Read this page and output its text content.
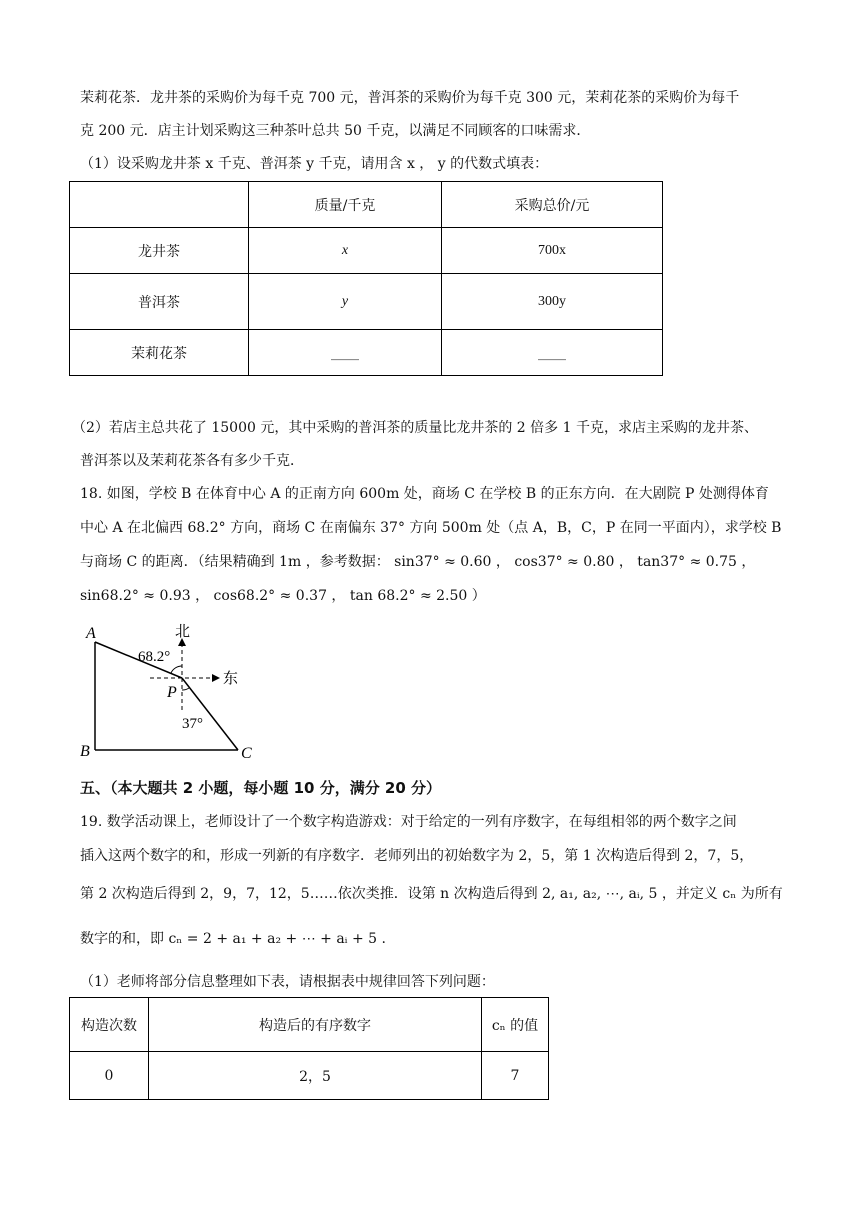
茉莉花茶．龙井茶的采购价为每千克 700 元，普洱茶的采购价为每千克 300 元，茉莉花茶的采购价为每千
克 200 元．店主计划采购这三种茶叶总共 50 千克，以满足不同顾客的口味需求．
（1）设采购龙井茶 x 千克、普洱茶 y 千克，请用含 x ， y 的代数式填表：
	质量/千克	采购总价/元
龙井茶	x	700x
普洱茶	y	300y
茉莉花茶	____	____
（2）若店主总共花了 15000 元，其中采购的普洱茶的质量比龙井茶的 2 倍多 1 千克，求店主采购的龙井茶、
普洱茶以及茉莉花茶各有多少千克．
18. 如图，学校 B 在体育中心 A 的正南方向 600m 处，商场 C 在学校 B 的正东方向．在大剧院 P 处测得体育
中心 A 在北偏西 68.2° 方向，商场 C 在南偏东 37° 方向 500m 处（点 A，B，C，P 在同一平面内），求学校 B
与商场 C 的距离．（结果精确到 1m ，参考数据： sin37° ≈ 0.60 ， cos37° ≈ 0.80 ， tan37° ≈ 0.75 ，
sin68.2° ≈ 0.93 ， cos68.2° ≈ 0.37 ， tan 68.2° ≈ 2.50 ）
A
B	C
P
北
东
68.2°
37°
五、（本大题共 2 小题，每小题 10 分，满分 20 分）
19. 数学活动课上，老师设计了一个数字构造游戏：对于给定的一列有序数字，在每组相邻的两个数字之间
插入这两个数字的和，形成一列新的有序数字．老师列出的初始数字为 2，5，第 1 次构造后得到 2，7，5，
第 2 次构造后得到 2，9，7，12，5……依次类推．设第 n 次构造后得到 2, a₁, a₂, ⋯, aᵢ, 5 ，并定义 cₙ 为所有
数字的和，即 cₙ = 2 + a₁ + a₂ + ⋯ + aᵢ + 5 .
（1）老师将部分信息整理如下表，请根据表中规律回答下列问题：
构造次数	构造后的有序数字	cₙ 的值
0	2，5	7
